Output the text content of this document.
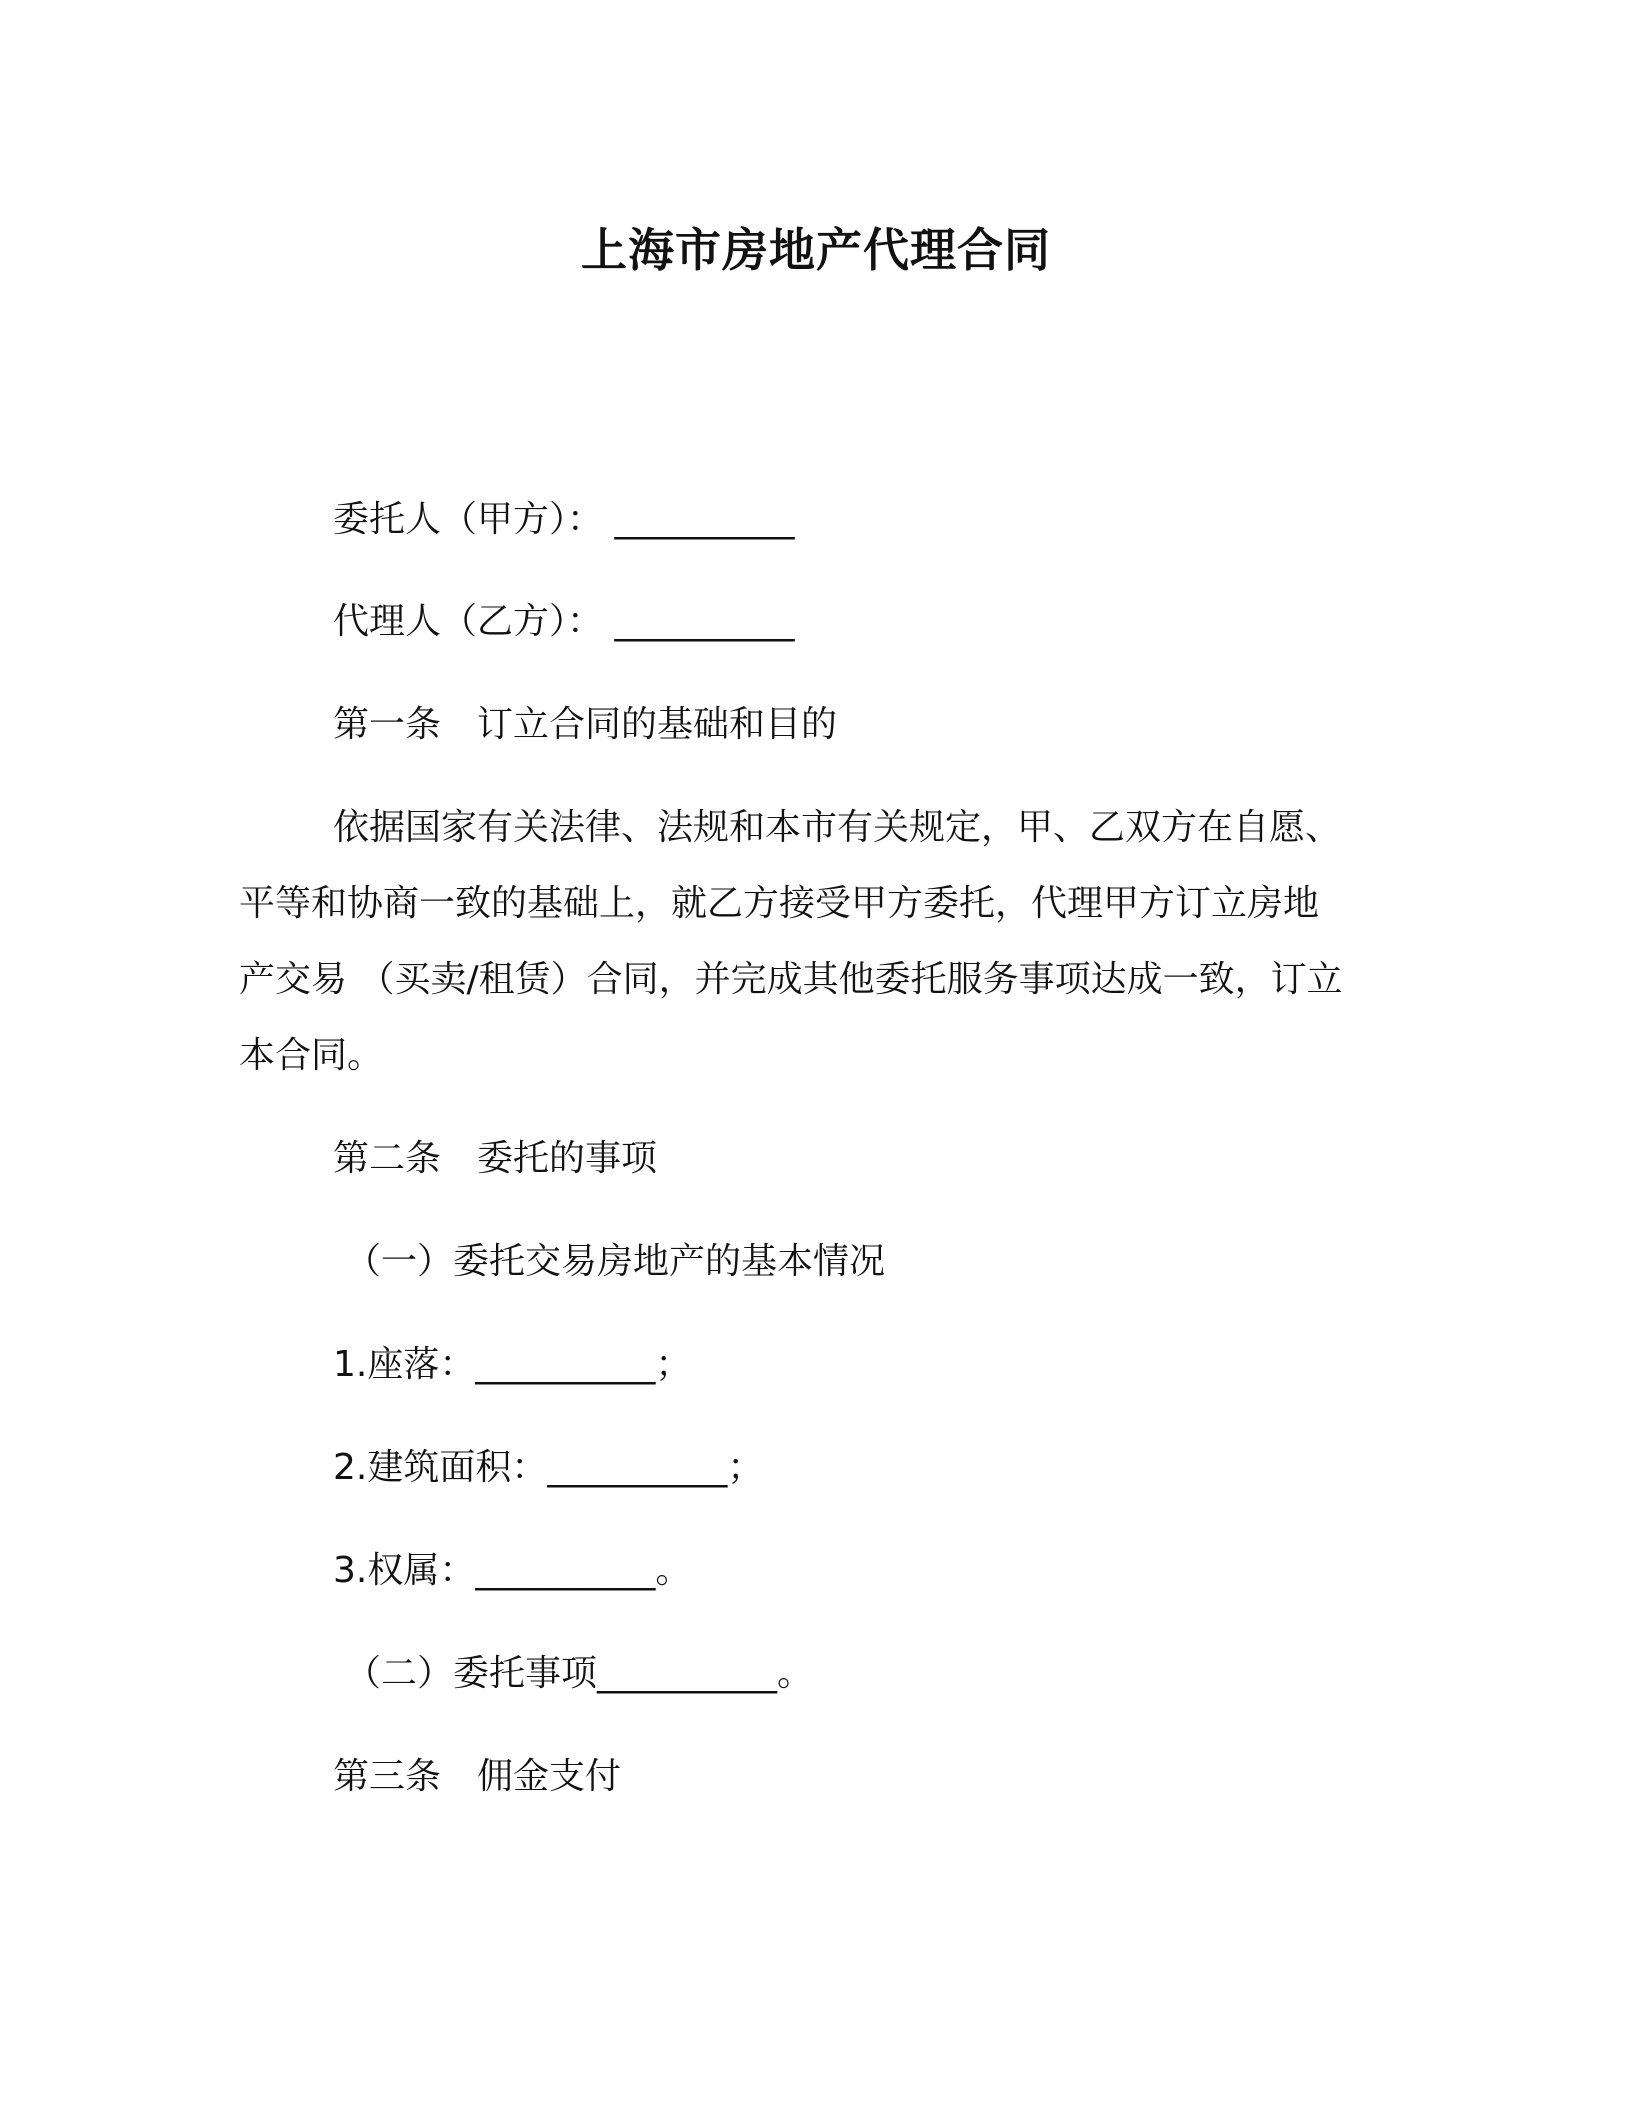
上海市房地产代理合同
委托人（甲方）： __________
代理人（乙方）： __________
第一条　订立合同的基础和目的
依据国家有关法律、法规和本市有关规定，甲、乙双方在自愿、
平等和协商一致的基础上，就乙方接受甲方委托，代理甲方订立房地
产交易 （买卖/租赁）合同，并完成其他委托服务事项达成一致，订立
本合同。
第二条　委托的事项
（一）委托交易房地产的基本情况
1.座落：__________；
2.建筑面积：__________；
3.权属：__________。
（二）委托事项__________。
第三条　佣金支付
